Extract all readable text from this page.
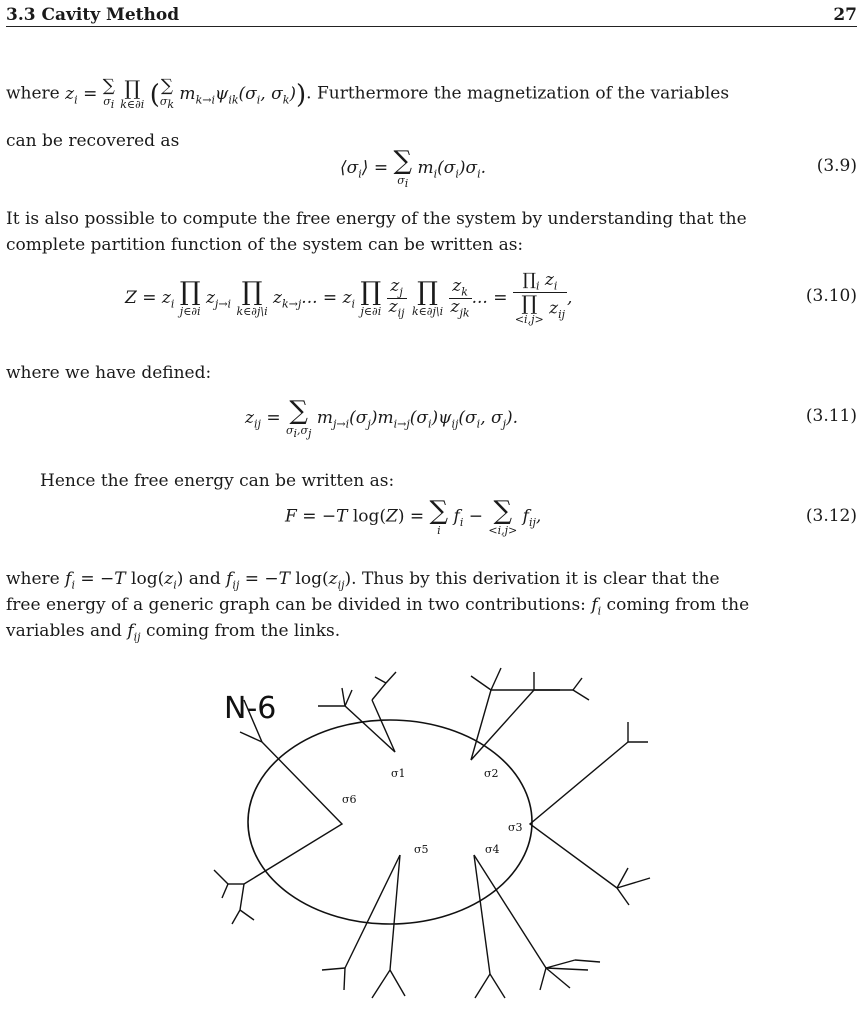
3.3 Cavity Method	27
where $z_i$ = ∑
$\sigma_i$

∏
k∈∂i ( ∑
$\sigma_k$
$m_{k\to i}\psi_{ik}(\sigma_i$, $\sigma_k$)). Furthermore the magnetization of the variables
can be recovered as
$⟨\sigma_i⟩$ = ∑
$\sigma_i$
$m_i(\sigma_i)\sigma_i$.	(3.9)
It is also possible to compute the free energy of the system by understanding that the
complete partition function of the system can be written as:
$Z = z_i$ ∏
j∈∂i
$z_{j\to i}$ ∏
k∈∂j\i
$z_{k\to j}$... = $z_i$ ∏
j∈∂i
$\frac{z_j}{z_{ij}}$
∏
k∈∂j\i
$\frac{z_k}{z_{jk}}$ ... = $\prod_i$ $z_i$
∏
<i,j>
$z_{ij}$ ,	(3.10)
where we have defined:
$z_{ij}$ = ∑
$\sigma_i,\sigma_j$
$m_{j\to i}(\sigma_j)m_{i\to j}(\sigma_i)\psi_{ij}(\sigma_i$, $\sigma_j$).	(3.11)
Hence the free energy can be written as:
F = −T log(Z) = ∑
i
$f_i$ − ∑
<i,j>
$f_{ij}$,	(3.12)
where $f_i = -T$ $\log(z_i)$ and $f_{ij} = -T$ $\log(z_{ij})$. Thus by this derivation it is clear that the
free energy of a generic graph can be divided in two contributions: $f_i$ coming from the
variables and $f_{ij}$ coming from the links.
N-6
σ1	σ2
σ3
σ4
σ5
σ6
